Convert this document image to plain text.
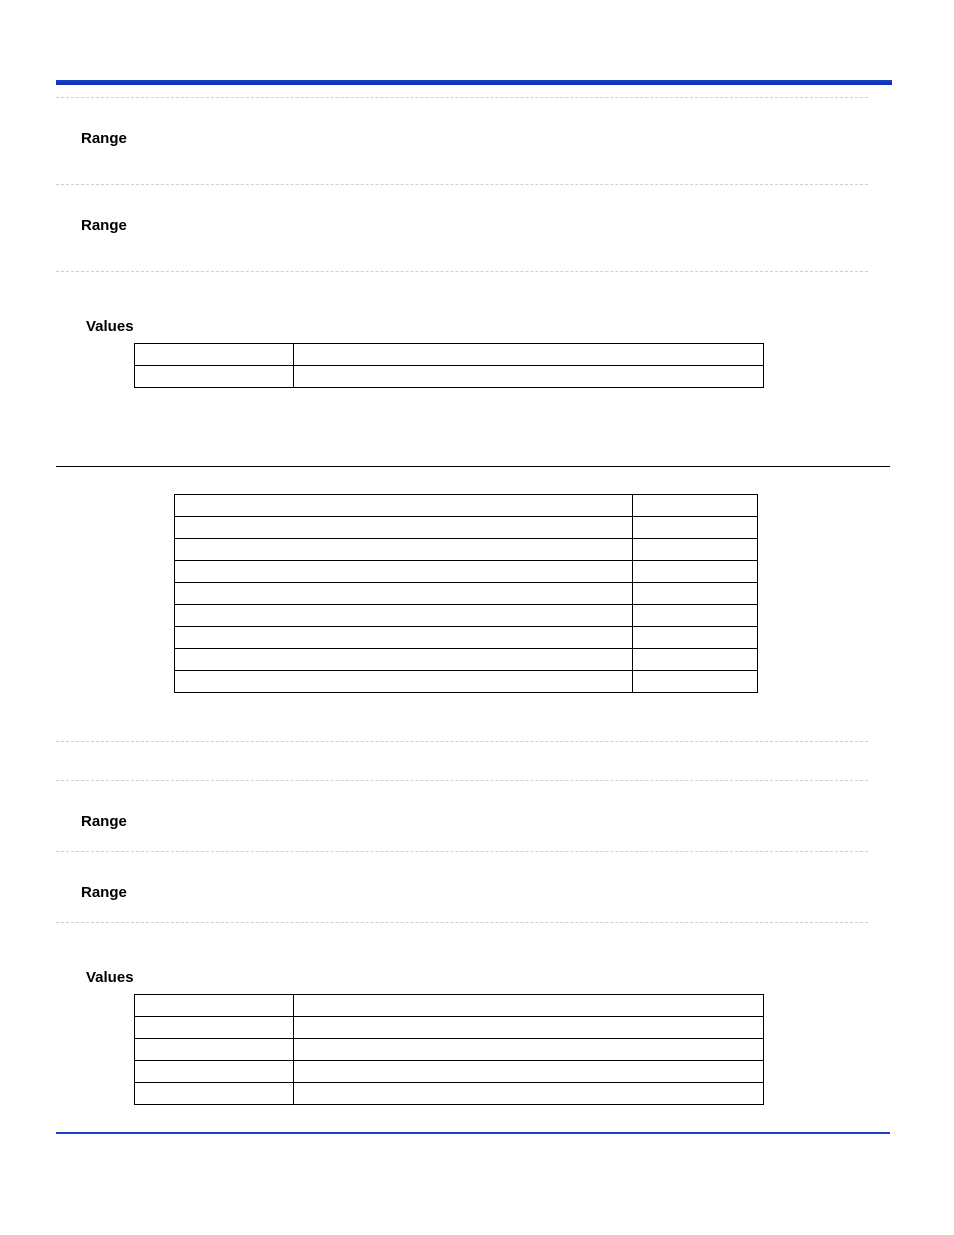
Range
Range
Values

Range
Range
Values
